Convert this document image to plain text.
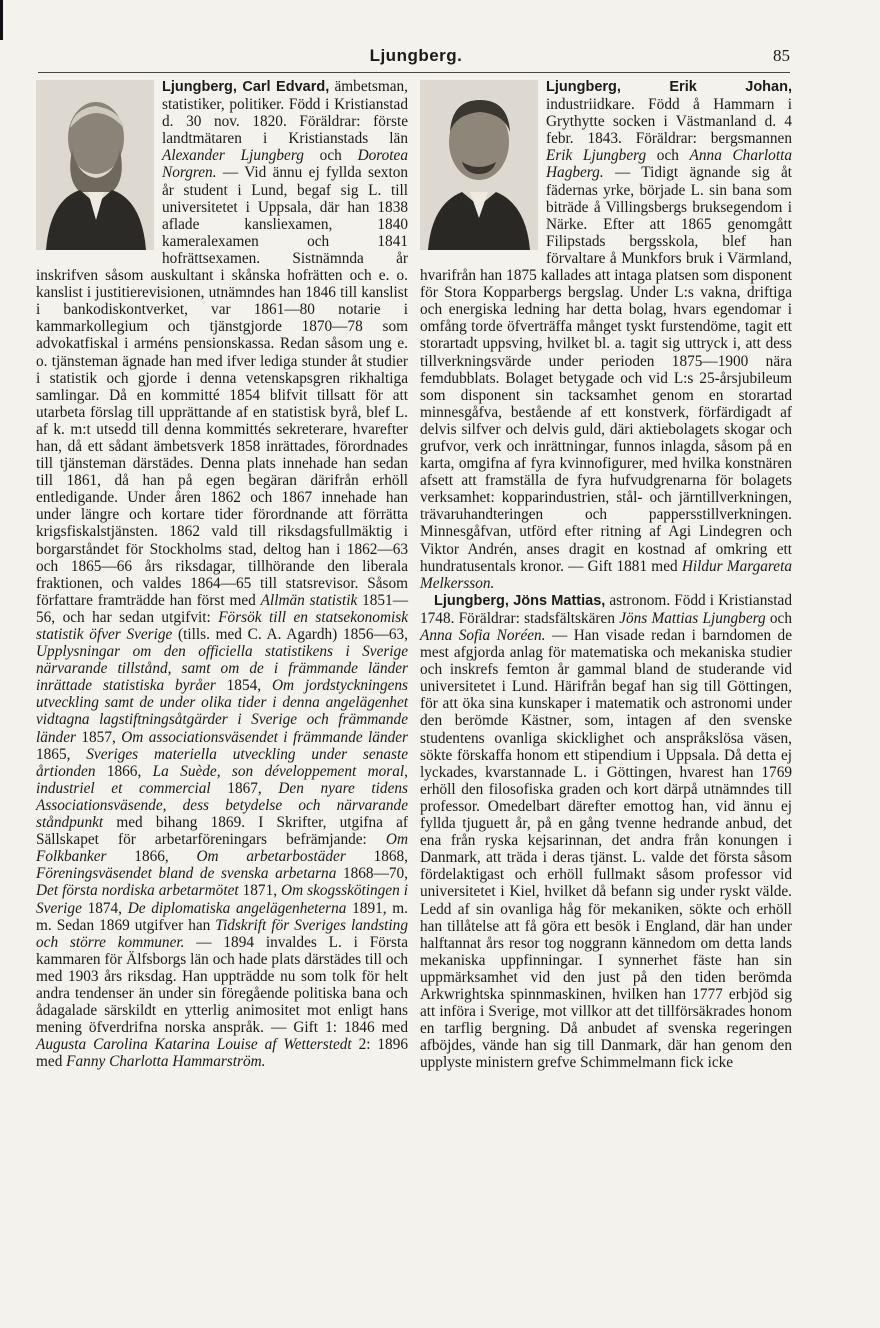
Ljungberg.	85

Ljungberg, Carl Edvard, ämbetsman, statistiker, politiker. Född i Kristianstad d. 30 nov. 1820. Föräldrar: förste landtmätaren i Kristianstads län Alexander Ljungberg och Dorotea Norgren. — Vid ännu ej fyllda sexton år student i Lund, begaf sig L. till universitetet i Uppsala, där han 1838 aflade kansliexamen, 1840 kameralexamen och 1841 hofrättsexamen. Sistnämnda år inskrifven såsom auskultant i skånska hofrätten och e. o. kanslist i justitierevisionen, utnämndes han 1846 till kanslist i bankodiskontverket, var 1861—80 notarie i kammarkollegium och tjänstgjorde 1870—78 som advokatfiskal i arméns pensionskassa. Redan såsom ung e. o. tjänsteman ägnade han med ifver lediga stunder åt studier i statistik och gjorde i denna vetenskapsgren rikhaltiga samlingar. Då en kommitté 1854 blifvit tillsatt för att utarbeta förslag till upprättande af en statistisk byrå, blef L. af k. m:t utsedd till denna kommittés sekreterare, hvarefter han, då ett sådant ämbetsverk 1858 inrättades, förordnades till tjänsteman därstädes. Denna plats innehade han sedan till 1861, då han på egen begäran därifrån erhöll entledigande. Under åren 1862 och 1867 innehade han under längre och kortare tider förordnande att förrätta krigsfiskalstjänsten. 1862 vald till riksdagsfullmäktig i borgarståndet för Stockholms stad, deltog han i 1862—63 och 1865—66 års riksdagar, tillhörande den liberala fraktionen, och valdes 1864—65 till statsrevisor. Såsom författare framträdde han först med Allmän statistik 1851—56, och har sedan utgifvit: Försök till en statsekonomisk statistik öfver Sverige (tills. med C. A. Agardh) 1856—63, Upplysningar om den officiella statistikens i Sverige närvarande tillstånd, samt om de i främmande länder inrättade statistiska byråer 1854, Om jordstyckningens utveckling samt de under olika tider i denna angelägenhet vidtagna lagstiftningsåtgärder i Sverige och främmande länder 1857, Om associationsväsendet i främmande länder 1865, Sveriges materiella utveckling under senaste årtionden 1866, La Suède, son développement moral, industriel et commercial 1867, Den nyare tidens Associationsväsende, dess betydelse och närvarande ståndpunkt med bihang 1869. I Skrifter, utgifna af Sällskapet för arbetarföreningars befrämjande: Om Folkbanker 1866, Om arbetarbostäder 1868, Föreningsväsendet bland de svenska arbetarna 1868—70, Det första nordiska arbetarmötet 1871, Om skogsskötingen i Sverige 1874, De diplomatiska angelägenheterna 1891, m. m. Sedan 1869 utgifver han Tidskrift för Sveriges landsting och större kommuner. — 1894 invaldes L. i Första kammaren för Älfsborgs län och hade plats därstädes till och med 1903 års riksdag. Han uppträdde nu som tolk för helt andra tendenser än under sin föregående politiska bana och ådagalade särskildt en ytterlig animositet mot enligt hans mening öfverdrifna norska anspråk. — Gift 1: 1846 med Augusta Carolina Katarina Louise af Wetterstedt 2: 1896 med Fanny Charlotta Hammarström.

Ljungberg, Erik Johan, industriidkare. Född å Hammarn i Grythytte socken i Västmanland d. 4 febr. 1843. Föräldrar: bergsmannen Erik Ljungberg och Anna Charlotta Hagberg. — Tidigt ägnande sig åt fädernas yrke, började L. sin bana som biträde å Villingsbergs bruksegendom i Närke. Efter att 1865 genomgått Filipstads bergsskola, blef han förvaltare å Munkfors bruk i Värmland, hvarifrån han 1875 kallades att intaga platsen som disponent för Stora Kopparbergs bergslag. Under L:s vakna, driftiga och energiska ledning har detta bolag, hvars egendomar i omfång torde öfverträffa månget tyskt furstendöme, tagit ett storartadt uppsving, hvilket bl. a. tagit sig uttryck i, att dess tillverkningsvärde under perioden 1875—1900 nära femdubblats. Bolaget betygade och vid L:s 25-årsjubileum som disponent sin tacksamhet genom en storartad minnesgåfva, bestående af ett konstverk, förfärdigadt af delvis silfver och delvis guld, däri aktiebolagets skogar och grufvor, verk och inrättningar, funnos inlagda, såsom på en karta, omgifna af fyra kvinnofigurer, med hvilka konstnären afsett att framställa de fyra hufvudgrenarna för bolagets verksamhet: kopparindustrien, stål- och järntillverkningen, trävaruhandteringen och pappersstillverkningen. Minnesgåfvan, utförd efter ritning af Agi Lindegren och Viktor Andrén, anses dragit en kostnad af omkring ett hundratusentals kronor. — Gift 1881 med Hildur Margareta Melkersson.

Ljungberg, Jöns Mattias, astronom. Född i Kristianstad 1748. Föräldrar: stadsfältskären Jöns Mattias Ljungberg och Anna Sofia Noréen. — Han visade redan i barndomen de mest afgjorda anlag för matematiska och mekaniska studier och inskrefs femton år gammal bland de studerande vid universitetet i Lund. Härifrån begaf han sig till Göttingen, för att öka sina kunskaper i matematik och astronomi under den berömde Kästner, som, intagen af den svenske studentens ovanliga skicklighet och anspråkslösa väsen, sökte förskaffa honom ett stipendium i Uppsala. Då detta ej lyckades, kvarstannade L. i Göttingen, hvarest han 1769 erhöll den filosofiska graden och kort därpå utnämndes till professor. Omedelbart därefter emottog han, vid ännu ej fyllda tjuguett år, på en gång tvenne hedrande anbud, det ena från ryska kejsarinnan, det andra från konungen i Danmark, att träda i deras tjänst. L. valde det första såsom fördelaktigast och erhöll fullmakt såsom professor vid universitetet i Kiel, hvilket då befann sig under ryskt välde. Ledd af sin ovanliga håg för mekaniken, sökte och erhöll han tillåtelse att få göra ett besök i England, där han under halftannat års resor tog noggrann kännedom om detta lands mekaniska uppfinningar. I synnerhet fäste han sin uppmärksamhet vid den just på den tiden berömda Arkwrightska spinnmaskinen, hvilken han 1777 erbjöd sig att införa i Sverige, mot villkor att det tillförsäkrades honom en tarflig bergning. Då anbudet af svenska regeringen afböjdes, vände han sig till Danmark, där han genom den upplyste ministern grefve Schimmelmann fick icke
